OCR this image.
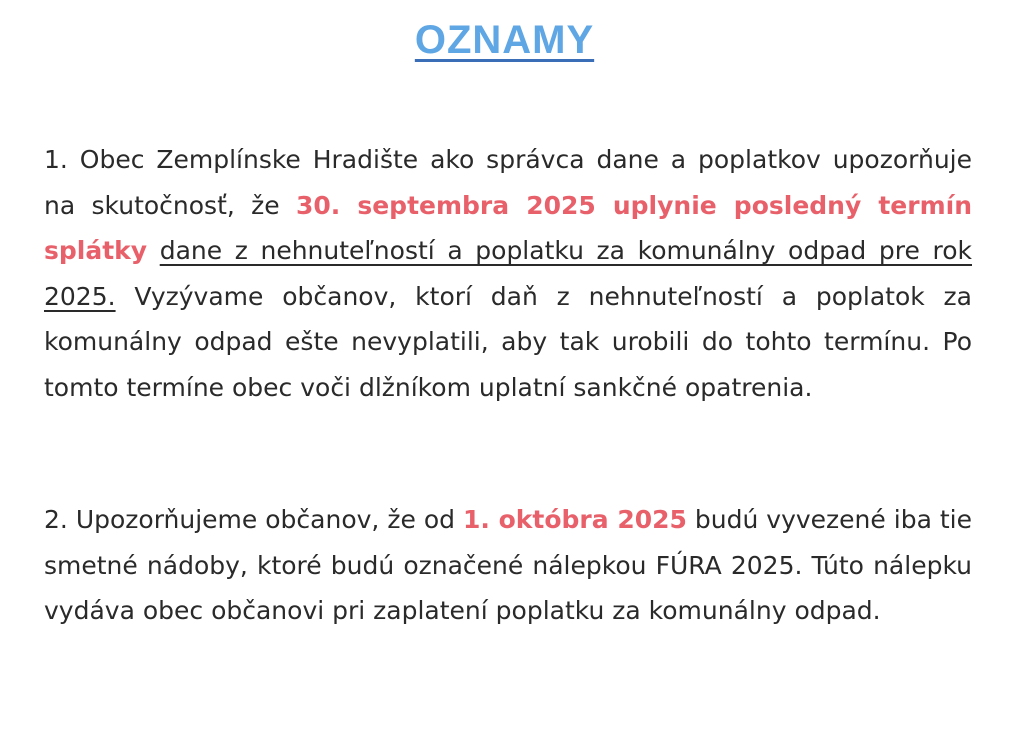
OZNAMY

1. Obec Zemplínske Hradište ako správca dane a poplatkov upozorňuje na skutočnosť, že 30. septembra 2025 uplynie posledný termín splátky dane z nehnuteľností a poplatku za komunálny odpad pre rok 2025. Vyzývame občanov, ktorí daň z nehnuteľností a poplatok za komunálny odpad ešte nevyplatili, aby tak urobili do tohto termínu. Po tomto termíne obec voči dlžníkom uplatní sankčné opatrenia.

2. Upozorňujeme občanov, že od 1. októbra 2025 budú vyvezené iba tie smetné nádoby, ktoré budú označené nálepkou FÚRA 2025. Túto nálepku vydáva obec občanovi pri zaplatení poplatku za komunálny odpad.
